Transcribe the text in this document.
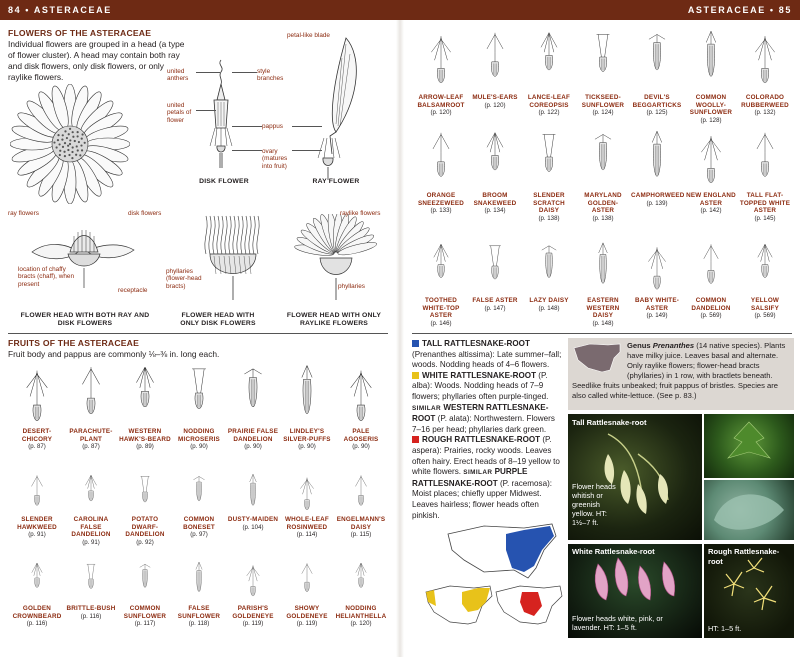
84 • ASTERACEAE
FLOWERS OF THE ASTERACEAE
Individual flowers are grouped in a head (a type of flower cluster). A head may contain both ray and disk flowers, only disk flowers, or only raylike flowers.
united anthers
united petals of flower
style branches
petal-like blade
pappus
ovary (matures into fruit)
DISK FLOWER	RAY FLOWER
ray flowers	disk flowers	raylike flowers
location of chaffy bracts (chaff), when present
receptacle
phyllaries (flower-head bracts)	phyllaries
FLOWER HEAD WITH BOTH RAY AND DISK FLOWERS
FLOWER HEAD WITH ONLY DISK FLOWERS
FLOWER HEAD WITH ONLY RAYLIKE FLOWERS
FRUITS OF THE ASTERACEAE
Fruit body and pappus are commonly ⅛–⅜ in. long each.
DESERT-CHICORY
(p. 87)
PARACHUTE-PLANT
(p. 87)
WESTERN HAWK'S-BEARD
(p. 89)
NODDING MICROSERIS
(p. 90)
PRAIRIE FALSE DANDELION
(p. 90)
LINDLEY'S SILVER-PUFFS
(p. 90)
PALE AGOSERIS
(p. 90)
SLENDER HAWKWEED
(p. 91)
CAROLINA FALSE DANDELION
(p. 91)
POTATO DWARF-DANDELION
(p. 92)
COMMON BONESET
(p. 97)
DUSTY-MAIDEN
(p. 104)
WHOLE-LEAF ROSINWEED
(p. 114)
ENGELMANN'S DAISY
(p. 115)
GOLDEN CROWNBEARD
(p. 116)
BRITTLE-BUSH
(p. 116)
COMMON SUNFLOWER
(p. 117)
FALSE SUNFLOWER
(p. 118)
PARISH'S GOLDENEYE
(p. 119)
SHOWY GOLDENEYE
(p. 119)
NODDING HELIANTHELLA
(p. 120)
ASTERACEAE • 85
ARROW-LEAF BALSAMROOT
(p. 120)
MULE'S-EARS
(p. 120)
LANCE-LEAF COREOPSIS
(p. 122)
TICKSEED-SUNFLOWER
(p. 124)
DEVIL'S BEGGARTICKS
(p. 125)
COMMON WOOLLY-SUNFLOWER
(p. 128)
COLORADO RUBBERWEED
(p. 132)
ORANGE SNEEZEWEED
(p. 133)
BROOM SNAKEWEED
(p. 134)
SLENDER SCRATCH DAISY
(p. 138)
MARYLAND GOLDEN-ASTER
(p. 138)
CAMPHORWEED
(p. 139)
NEW ENGLAND ASTER
(p. 142)
TALL FLAT-TOPPED WHITE ASTER
(p. 145)
TOOTHED WHITE-TOP ASTER
(p. 146)
FALSE ASTER
(p. 147)
LAZY DAISY
(p. 148)
EASTERN WESTERN DAISY
(p. 148)
BABY WHITE-ASTER
(p. 149)
COMMON DANDELION
(p. 569)
YELLOW SALSIFY
(p. 569)
TALL RATTLESNAKE-ROOT (Prenanthes altissima): Late summer–fall; woods. Nodding heads of 4–6 flowers.
WHITE RATTLESNAKE-ROOT (P. alba): Woods. Nodding heads of 7–9 flowers; phyllaries often purple-tinged. SIMILAR WESTERN RATTLESNAKE-ROOT (P. alata): Northwestern. Flowers 7–16 per head; phyllaries dark green.
ROUGH RATTLESNAKE-ROOT (P. aspera): Prairies, rocky woods. Leaves often hairy. Erect heads of 8–19 yellow to white flowers. SIMILAR PURPLE RATTLESNAKE-ROOT (P. racemosa): Moist places; chiefly upper Midwest. Leaves hairless; flower heads often pinkish.
Genus Prenanthes (14 native species). Plants have milky juice. Leaves basal and alternate. Only raylike flowers; flower-head bracts (phyllaries) in 1 row, with bractlets beneath. Seedlike fruits unbeaked; fruit pappus of bristles. Species are also called white-lettuce. (See p. 83.)
Tall Rattlesnake-root
Flower heads whitish or greenish yellow. HT: 1½–7 ft.
White Rattlesnake-root
Flower heads white, pink, or lavender. HT: 1–5 ft.
Rough Rattlesnake-root
HT: 1–5 ft.
